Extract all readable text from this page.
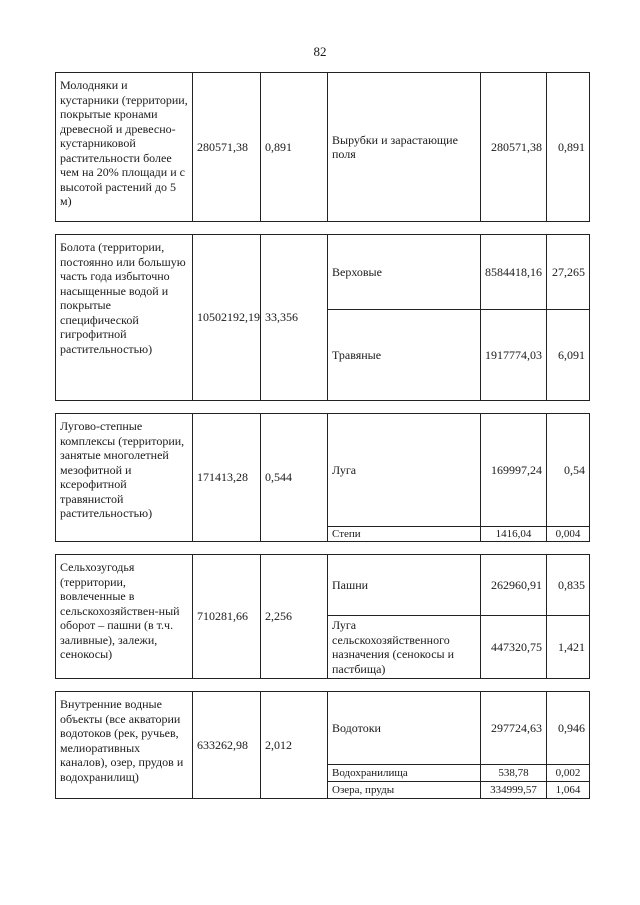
82
Молодняки и кустарники (территории, покрытые кронами древесной и древесно-кустарниковой растительности более чем на 20% площади и с высотой растений до 5 м)	280571,38	0,891	Вырубки и зарастающие поля	280571,38	0,891

Болота (территории, постоянно или большую часть года избыточно насыщенные водой и покрытые специфической гигрофитной растительностью)	10502192,19	33,356	Верховые	8584418,16	27,265
			Травяные	1917774,03	6,091

Лугово-степные комплексы (территории, занятые многолетней мезофитной и ксерофитной травянистой растительностью)	171413,28	0,544	Луга	169997,24	0,54
			Степи	1416,04	0,004

Сельхозугодья (территории, вовлеченные в сельскохозяйствен-ный оборот – пашни (в т.ч. заливные), залежи, сенокосы)	710281,66	2,256	Пашни	262960,91	0,835
			Луга сельскохозяйственного назначения (сенокосы и пастбища)	447320,75	1,421

Внутренние водные объекты (все акватории водотоков (рек, ручьев, мелиоративных каналов), озер, прудов и водохранилищ)	633262,98	2,012	Водотоки	297724,63	0,946
			Водохранилища	538,78	0,002
			Озера, пруды	334999,57	1,064
